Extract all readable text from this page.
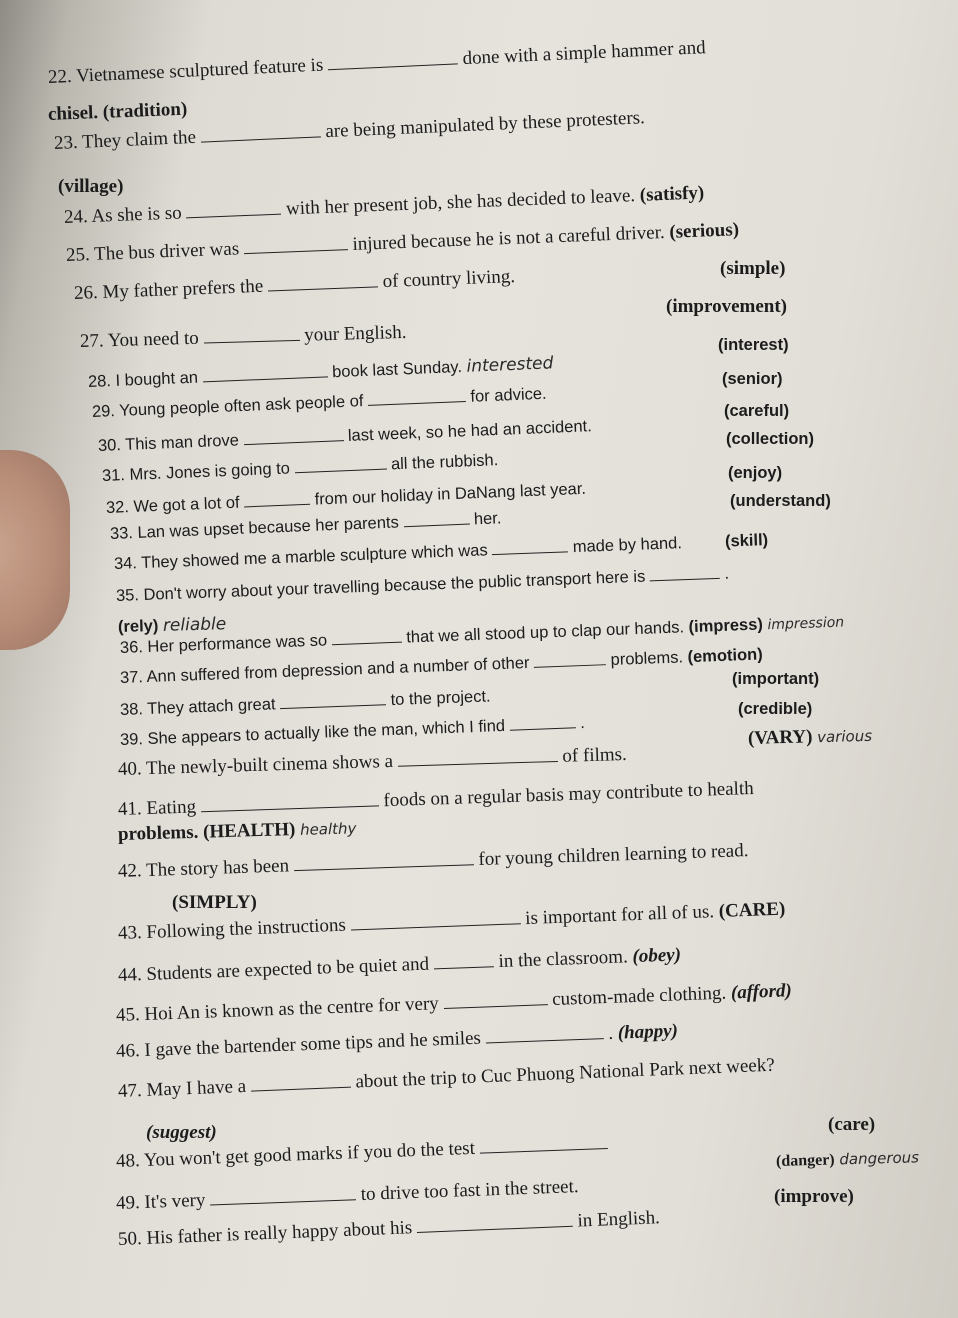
22. Vietnamese sculptured feature is  done with a simple hammer and
chisel. (tradition)
23. They claim the	are being manipulated by these protesters.
(village)
24. As she is so	with her present job, she has decided to leave. (satisfy)
25. The bus driver was	injured because he is not a careful driver. (serious)
26. My father prefers the	of country living.	(simple)
27. You need to	your English.
(improvement)
28. I bought an	book last Sunday. interested
(interest)
29. Young people often ask people of	for advice.
(senior)
30. This man drove	last week, so he had an accident.
(careful)
31. Mrs. Jones is going to	all the rubbish.
(collection)
32. We got a lot of	from our holiday in DaNang last year.
(enjoy)
33. Lan was upset because her parents	her.
(understand)
34. They showed me a marble sculpture which was	made by hand.	(skill)
35. Don't worry about your travelling because the public transport here is	.
(rely) reliable
36. Her performance was so	that we all stood up to clap our hands. (impress) impression
37. Ann suffered from depression and a number of other	problems. (emotion)
38. They attach great	to the project.
(important)
39. She appears to actually like the man, which I find	.
(credible)
40. The newly-built cinema shows a	of films.
(VARY) various
41. Eating	foods on a regular basis may contribute to health
problems. (HEALTH) healthy
42. The story has been	for young children learning to read.
(SIMPLY)
43. Following the instructions	is important for all of us. (CARE)
44. Students are expected to be quiet and	in the classroom. (obey)
45. Hoi An is known as the centre for very	custom-made clothing. (afford)
46. I gave the bartender some tips and he smiles	. (happy)
47. May I have a	about the trip to Cuc Phuong National Park next week?
(suggest)
48. You won't get good marks if you do the test
(care)
(danger) dangerous
49. It's very	to drive too fast in the street.
50. His father is really happy about his	in English.
(improve)
